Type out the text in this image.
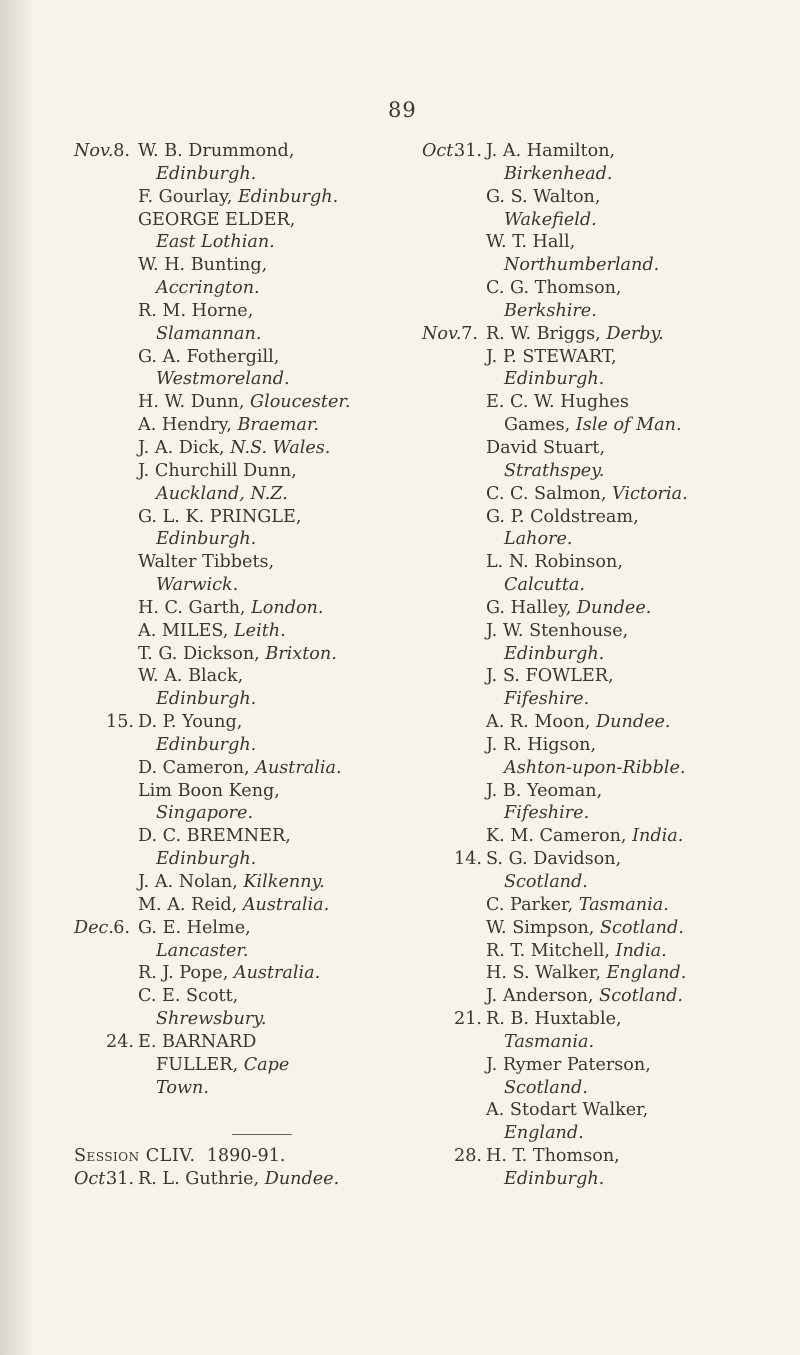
89
Nov. 8. W. B. Drummond,
Edinburgh.
F. Gourlay, Edinburgh.
GEORGE ELDER,
East Lothian.
W. H. Bunting,
Accrington.
R. M. Horne,
Slamannan.
G. A. Fothergill,
Westmoreland.
H. W. Dunn, Gloucester.
A. Hendry, Braemar.
J. A. Dick, N.S. Wales.
J. Churchill Dunn,
Auckland, N.Z.
G. L. K. PRINGLE,
Edinburgh.
Walter Tibbets,
Warwick.
H. C. Garth, London.
A. MILES, Leith.
T. G. Dickson, Brixton.
W. A. Black,
Edinburgh.
15. D. P. Young,
Edinburgh.
D. Cameron, Australia.
Lim Boon Keng,
Singapore.
D. C. BREMNER,
Edinburgh.
J. A. Nolan, Kilkenny.
M. A. Reid, Australia.
Dec. 6. G. E. Helme,
Lancaster.
R. J. Pope, Australia.
C. E. Scott,
Shrewsbury.
24. E. BARNARD
FULLER, Cape
Town.
Session CLIV.
1890-91.
Oct.
31. R. L. Guthrie, Dundee.
Oct.
31. J. A. Hamilton,
Birkenhead.
G. S. Walton,
Wakefield.
W. T. Hall,
Northumberland.
C. G. Thomson,
Berkshire.
Nov. 7. R. W. Briggs, Derby.
J. P. STEWART,
Edinburgh.
E. C. W. Hughes
Games, Isle of Man.
David Stuart,
Strathspey.
C. C. Salmon, Victoria.
G. P. Coldstream,
Lahore.
L. N. Robinson,
Calcutta.
G. Halley, Dundee.
J. W. Stenhouse,
Edinburgh.
J. S. FOWLER,
Fifeshire.
A. R. Moon, Dundee.
J. R. Higson,
Ashton-upon-Ribble.
J. B. Yeoman,
Fifeshire.
K. M. Cameron, India.
14. S. G. Davidson,
Scotland.
C. Parker, Tasmania.
W. Simpson, Scotland.
R. T. Mitchell, India.
H. S. Walker, England.
J. Anderson, Scotland.
21. R. B. Huxtable,
Tasmania.
J. Rymer Paterson,
Scotland.
A. Stodart Walker,
England.
28. H. T. Thomson,
Edinburgh.
